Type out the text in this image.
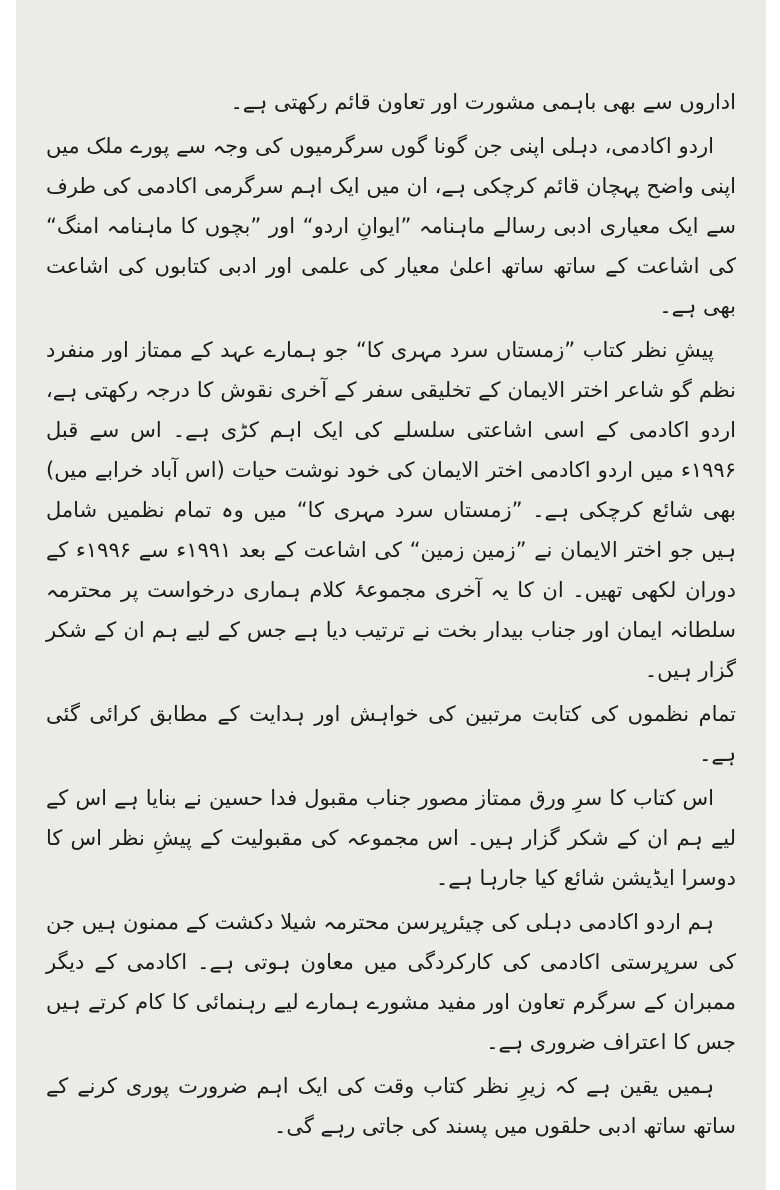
اداروں سے بھی باہمی مشورت اور تعاون قائم رکھتی ہے۔

اردو اکادمی، دہلی اپنی جن گونا گوں سرگرمیوں کی وجہ سے پورے ملک میں اپنی واضح پہچان قائم کرچکی ہے، ان میں ایک اہم سرگرمی اکادمی کی طرف سے ایک معیاری ادبی رسالے ماہنامہ ”ایوانِ اردو“ اور ”بچوں کا ماہنامہ امنگ“ کی اشاعت کے ساتھ ساتھ اعلیٰ معیار کی علمی اور ادبی کتابوں کی اشاعت بھی ہے۔

پیشِ نظر کتاب ”زمستاں سرد مہری کا“ جو ہمارے عہد کے ممتاز اور منفرد نظم گو شاعر اختر الایمان کے تخلیقی سفر کے آخری نقوش کا درجہ رکھتی ہے، اردو اکادمی کے اسی اشاعتی سلسلے کی ایک اہم کڑی ہے۔ اس سے قبل ۱۹۹۶ء میں اردو اکادمی اختر الایمان کی خود نوشت حیات (اس آباد خرابے میں) بھی شائع کرچکی ہے۔ ”زمستاں سرد مہری کا“ میں وہ تمام نظمیں شامل ہیں جو اختر الایمان نے ”زمین زمین“ کی اشاعت کے بعد ۱۹۹۱ء سے ۱۹۹۶ء کے دوران لکھی تھیں۔ ان کا یہ آخری مجموعۂ کلام ہماری درخواست پر محترمہ سلطانہ ایمان اور جناب بیدار بخت نے ترتیب دیا ہے جس کے لیے ہم ان کے شکر گزار ہیں۔

تمام نظموں کی کتابت مرتبین کی خواہش اور ہدایت کے مطابق کرائی گئی ہے۔

اس کتاب کا سرِ ورق ممتاز مصور جناب مقبول فدا حسین نے بنایا ہے اس کے لیے ہم ان کے شکر گزار ہیں۔ اس مجموعہ کی مقبولیت کے پیشِ نظر اس کا دوسرا ایڈیشن شائع کیا جارہا ہے۔

ہم اردو اکادمی دہلی کی چیئرپرسن محترمہ شیلا دکشت کے ممنون ہیں جن کی سرپرستی اکادمی کی کارکردگی میں معاون ہوتی ہے۔ اکادمی کے دیگر ممبران کے سرگرم تعاون اور مفید مشورے ہمارے لیے رہنمائی کا کام کرتے ہیں جس کا اعتراف ضروری ہے۔

ہمیں یقین ہے کہ زیرِ نظر کتاب وقت کی ایک اہم ضرورت پوری کرنے کے ساتھ ساتھ ادبی حلقوں میں پسند کی جاتی رہے گی۔
